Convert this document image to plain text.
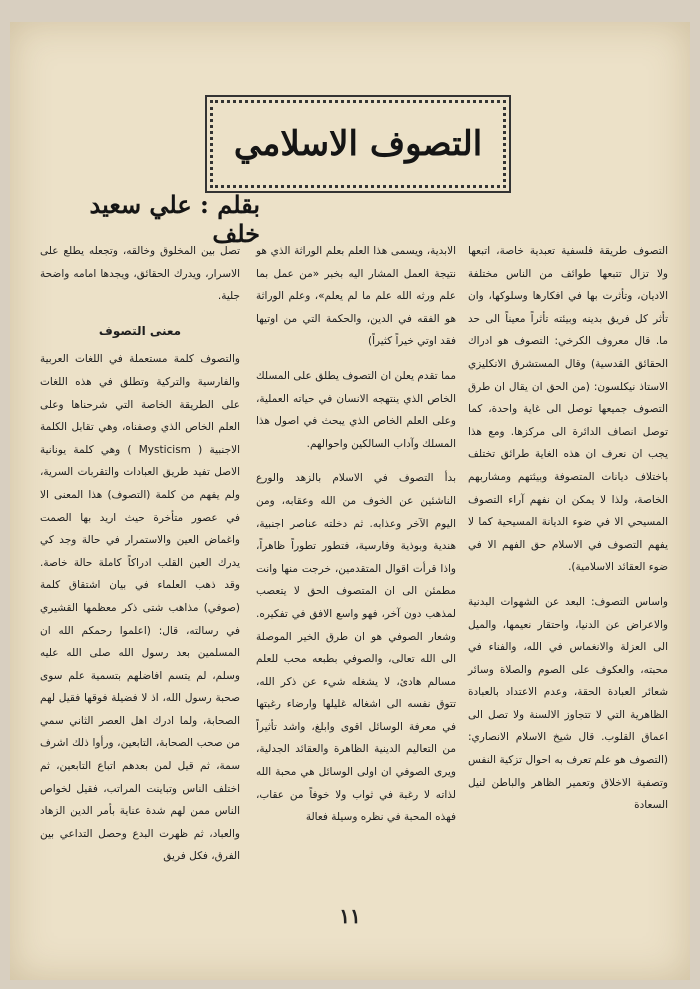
التصوف الاسلامي
بقلم : علي سعيد خلف

التصوف طريقة فلسفية تعبدية خاصة، اتبعها ولا تزال تتبعها طوائف من الناس مختلفة الاديان، وتأثرت بها في افكارها وسلوكها، وان تأثر كل فريق بدينه وبيئته تأثراً معيناً الى حد ما. قال معروف الكرخي: التصوف هو ادراك الحقائق القدسية) وقال المستشرق الانكليزي الاستاذ نيكلسون: (من الحق ان يقال ان طرق التصوف جميعها توصل الى غاية واحدة، كما توصل انصاف الدائرة الى مركزها. ومع هذا يجب ان نعرف ان هذه الغاية طرائق تختلف باختلاف ديانات المتصوفة وبيئتهم ومشاربهم الخاصة، ولذا لا يمكن ان نفهم آراء التصوف المسيحي الا في ضوء الديانة المسيحية كما لا يفهم التصوف في الاسلام حق الفهم الا في ضوء العقائد الاسلامية).

واساس التصوف: البعد عن الشهوات البدنية والاعراض عن الدنيا، واحتقار نعيمها، والميل الى العزلة والانغماس في الله، والفناء في محبته، والعكوف على الصوم والصلاة وسائر شعائر العبادة الحقة، وعدم الاعتداد بالعبادة الظاهرية التي لا تتجاوز الالسنة ولا تصل الى اعماق القلوب. قال شيخ الاسلام الانصاري: (التصوف هو علم تعرف به احوال تزكية النفس وتصفية الاخلاق وتعمير الظاهر والباطن لنيل السعادة

الابدية، ويسمى هذا العلم بعلم الوراثة الذي هو نتيجة العمل المشار اليه بخبر «من عمل بما علم ورثه الله علم ما لم يعلم»، وعلم الوراثة هو الفقه في الدين، والحكمة التي من اوتيها فقد اوتي خيراً كثيراً)

مما تقدم يعلن ان التصوف يطلق على المسلك الخاص الذي ينتهجه الانسان في حياته العملية، وعلى العلم الخاص الذي يبحث في اصول هذا المسلك وآداب السالكين واحوالهم.

بدأ التصوف في الاسلام بالزهد والورع الناشئين عن الخوف من الله وعقابه، ومن اليوم الآخر وعذابه. ثم دخلته عناصر اجنبية، هندية وبوذية وفارسية، فتطور تطوراً ظاهراً، واذا قرأت اقوال المتقدمين، خرجت منها وانت مطمئن الى ان المتصوف الحق لا يتعصب لمذهب دون آخر، فهو واسع الافق في تفكيره. وشعار الصوفي هو ان طرق الخير الموصلة الى الله تعالى، والصوفي بطبعه محب للعلم مسالم هادئ، لا يشغله شيء عن ذكر الله، تتوق نفسه الى اشغاله غليلها وارضاء رغبتها في معرفة الوسائل اقوى وابلغ، واشد تأثيراً من التعاليم الدينية الظاهرة والعقائد الجدلية، ويرى الصوفي ان اولى الوسائل هي محبة الله لذاته لا رغبة في ثواب ولا خوفاً من عقاب، فهذه المحبة في نظره وسيلة فعالة

تصل بين المخلوق وخالقه، وتجعله يطلع على الاسرار، ويدرك الحقائق، ويجدها امامه واضحة جلية.

معنى التصوف

والتصوف كلمة مستعملة في اللغات العربية والفارسية والتركية وتطلق في هذه اللغات على الطريقة الخاصة التي شرحناها وعلى العلم الخاص الذي وصفناه، وهي تقابل الكلمة الاجنبية ( Mysticism ) وهي كلمة يونانية الاصل تفيد طريق العبادات والتقربات السرية، ولم يفهم من كلمة (التصوف) هذا المعنى الا في عصور متأخرة حيث اريد بها الصمت واغماض العين والاستمرار في حالة وجد كي يدرك العين القلب ادراكاً كاملة حالة خاصة. وقد ذهب العلماء في بيان اشتقاق كلمة (صوفي) مذاهب شتى ذكر معظمها القشيري في رسالته، قال: (اعلموا رحمكم الله ان المسلمين بعد رسول الله صلى الله عليه وسلم، لم يتسم افاضلهم بتسمية علم سوى صحبة رسول الله، اذ لا فضيلة فوقها فقيل لهم الصحابة، ولما ادرك اهل العصر الثاني سمي من صحب الصحابة، التابعين، ورأوا ذلك اشرف سمة، ثم قيل لمن بعدهم اتباع التابعين، ثم اختلف الناس وتباينت المراتب، فقيل لخواص الناس ممن لهم شدة عناية بأمر الدين الزهاد والعباد، ثم ظهرت البدع وحصل التداعي بين الفرق، فكل فريق

١١
